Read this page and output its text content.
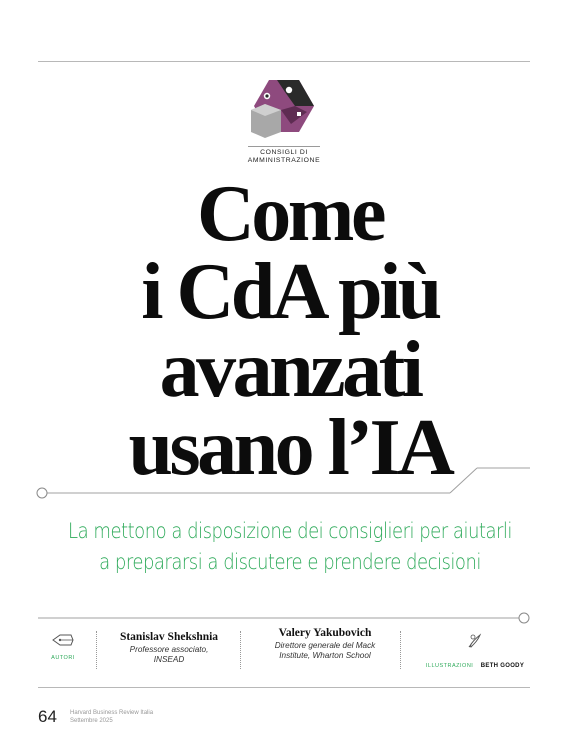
CONSIGLI DI
AMMINISTRAZIONE
Come
i CdA più
avanzati
usano l’IA

La mettono a disposizione dei consiglieri per aiutarli
a prepararsi a discutere e prendere decisioni

AUTORI
Stanislav Shekshnia
Professore associato,
INSEAD
Valery Yakubovich
Direttore generale del Mack
Institute, Wharton School
ILLUSTRAZIONI BETH GOODY
64 Harvard Business Review Italia
Settembre 2025
